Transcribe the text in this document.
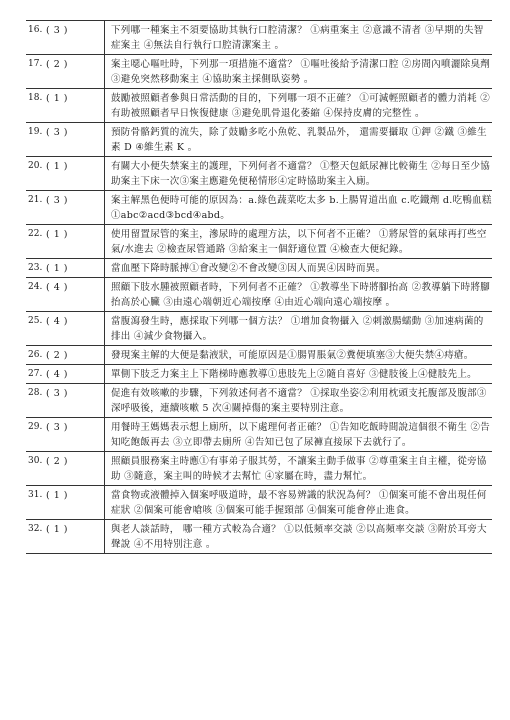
16. ( 3 )	下列哪一種案主不須要協助其執行口腔清潔？ ①病重案主 ②意識不清者 ③早期的失智症案主 ④無法自行執行口腔清潔案主 。
17. ( 2 )	案主噁心嘔吐時，下列那一項措施不適當？ ①嘔吐後給予清潔口腔 ②房間內噴灑除臭劑 ③避免突然移動案主 ④協助案主採側臥姿勢 。
18. ( 1 )	鼓勵被照顧者參與日常活動的目的，下列哪一項不正確？ ①可減輕照顧者的體力消耗 ②有助被照顧者早日恢復健康 ③避免肌骨退化萎縮 ④保持皮膚的完整性 。
19. ( 3 )	預防骨骼鈣質的流失，除了鼓勵多吃小魚乾、乳製品外， 還需要攝取 ①鉀 ②鐵 ③維生素 D ④維生素 K 。
20. ( 1 )	有關大小便失禁案主的護理，下列何者不適當？ ①整天包紙尿褲比較衛生 ②每日至少協助案主下床一次③案主應避免便秘情形④定時協助案主入廁。
21. ( 3 )	案主解黑色便時可能的原因為：a.綠色蔬菜吃太多 b.上腸胃道出血 c.吃鐵劑 d.吃鴨血糕①abc②acd③bcd④abd。
22. ( 1 )	使用留置尿管的案主，滲尿時的處理方法，以下何者不正確？ ①將尿管的氣球再打些空氣/水進去 ②檢查尿管通路 ③給案主一個舒適位置 ④檢查大便紀錄。
23. ( 1 )	當血壓下降時脈搏①會改變②不會改變③因人而異④因時而異。
24. ( 4 )	照顧下肢水腫被照顧者時，下列何者不正確？ ①教導坐下時將腳抬高 ②教導躺下時將腳抬高於心臟 ③由遠心端朝近心端按摩 ④由近心端向遠心端按摩 。
25. ( 4 )	當腹瀉發生時，應採取下列哪一個方法？ ①增加食物攝入 ②刺激腸蠕動 ③加速病菌的排出 ④減少食物攝入。
26. ( 2 )	發現案主解的大便是黏液狀，可能原因是①腸胃脹氣②糞便填塞③大便失禁④痔瘡。
27. ( 4 )	單側下肢乏力案主上下階梯時應教導①患肢先上②隨自喜好 ③健肢後上④健肢先上。
28. ( 3 )	促進有效咳嗽的步驟，下列敘述何者不適當？ ①採取坐姿②利用枕頭支托腹部及腹部③深呼吸後，連續咳嗽 5 次④關掉傷的案主要特別注意。
29. ( 3 )	用餐時王媽媽表示想上廁所，以下處理何者正確？ ①告知吃飯時間說這個很不衛生 ②告知吃飽飯再去 ③立即帶去廁所 ④告知已包了尿褲直接尿下去就行了。
30. ( 2 )	照顧員服務案主時應①有事弟子服其勞，不讓案主動手做事 ②尊重案主自主權，從旁協助 ③隨意，案主叫的時候才去幫忙 ④家屬在時，盡力幫忙。
31. ( 1 )	當食物或液體掉入個案呼吸道時，最不容易辨識的狀況為何？ ①個案可能不會出現任何症狀 ②個案可能會嗆咳 ③個案可能手握頸部 ④個案可能會停止進食。
32. ( 1 )	與老人談話時， 哪一種方式較為合適？ ①以低頻率交談 ②以高頻率交談 ③附於耳旁大聲說 ④不用特別注意 。
